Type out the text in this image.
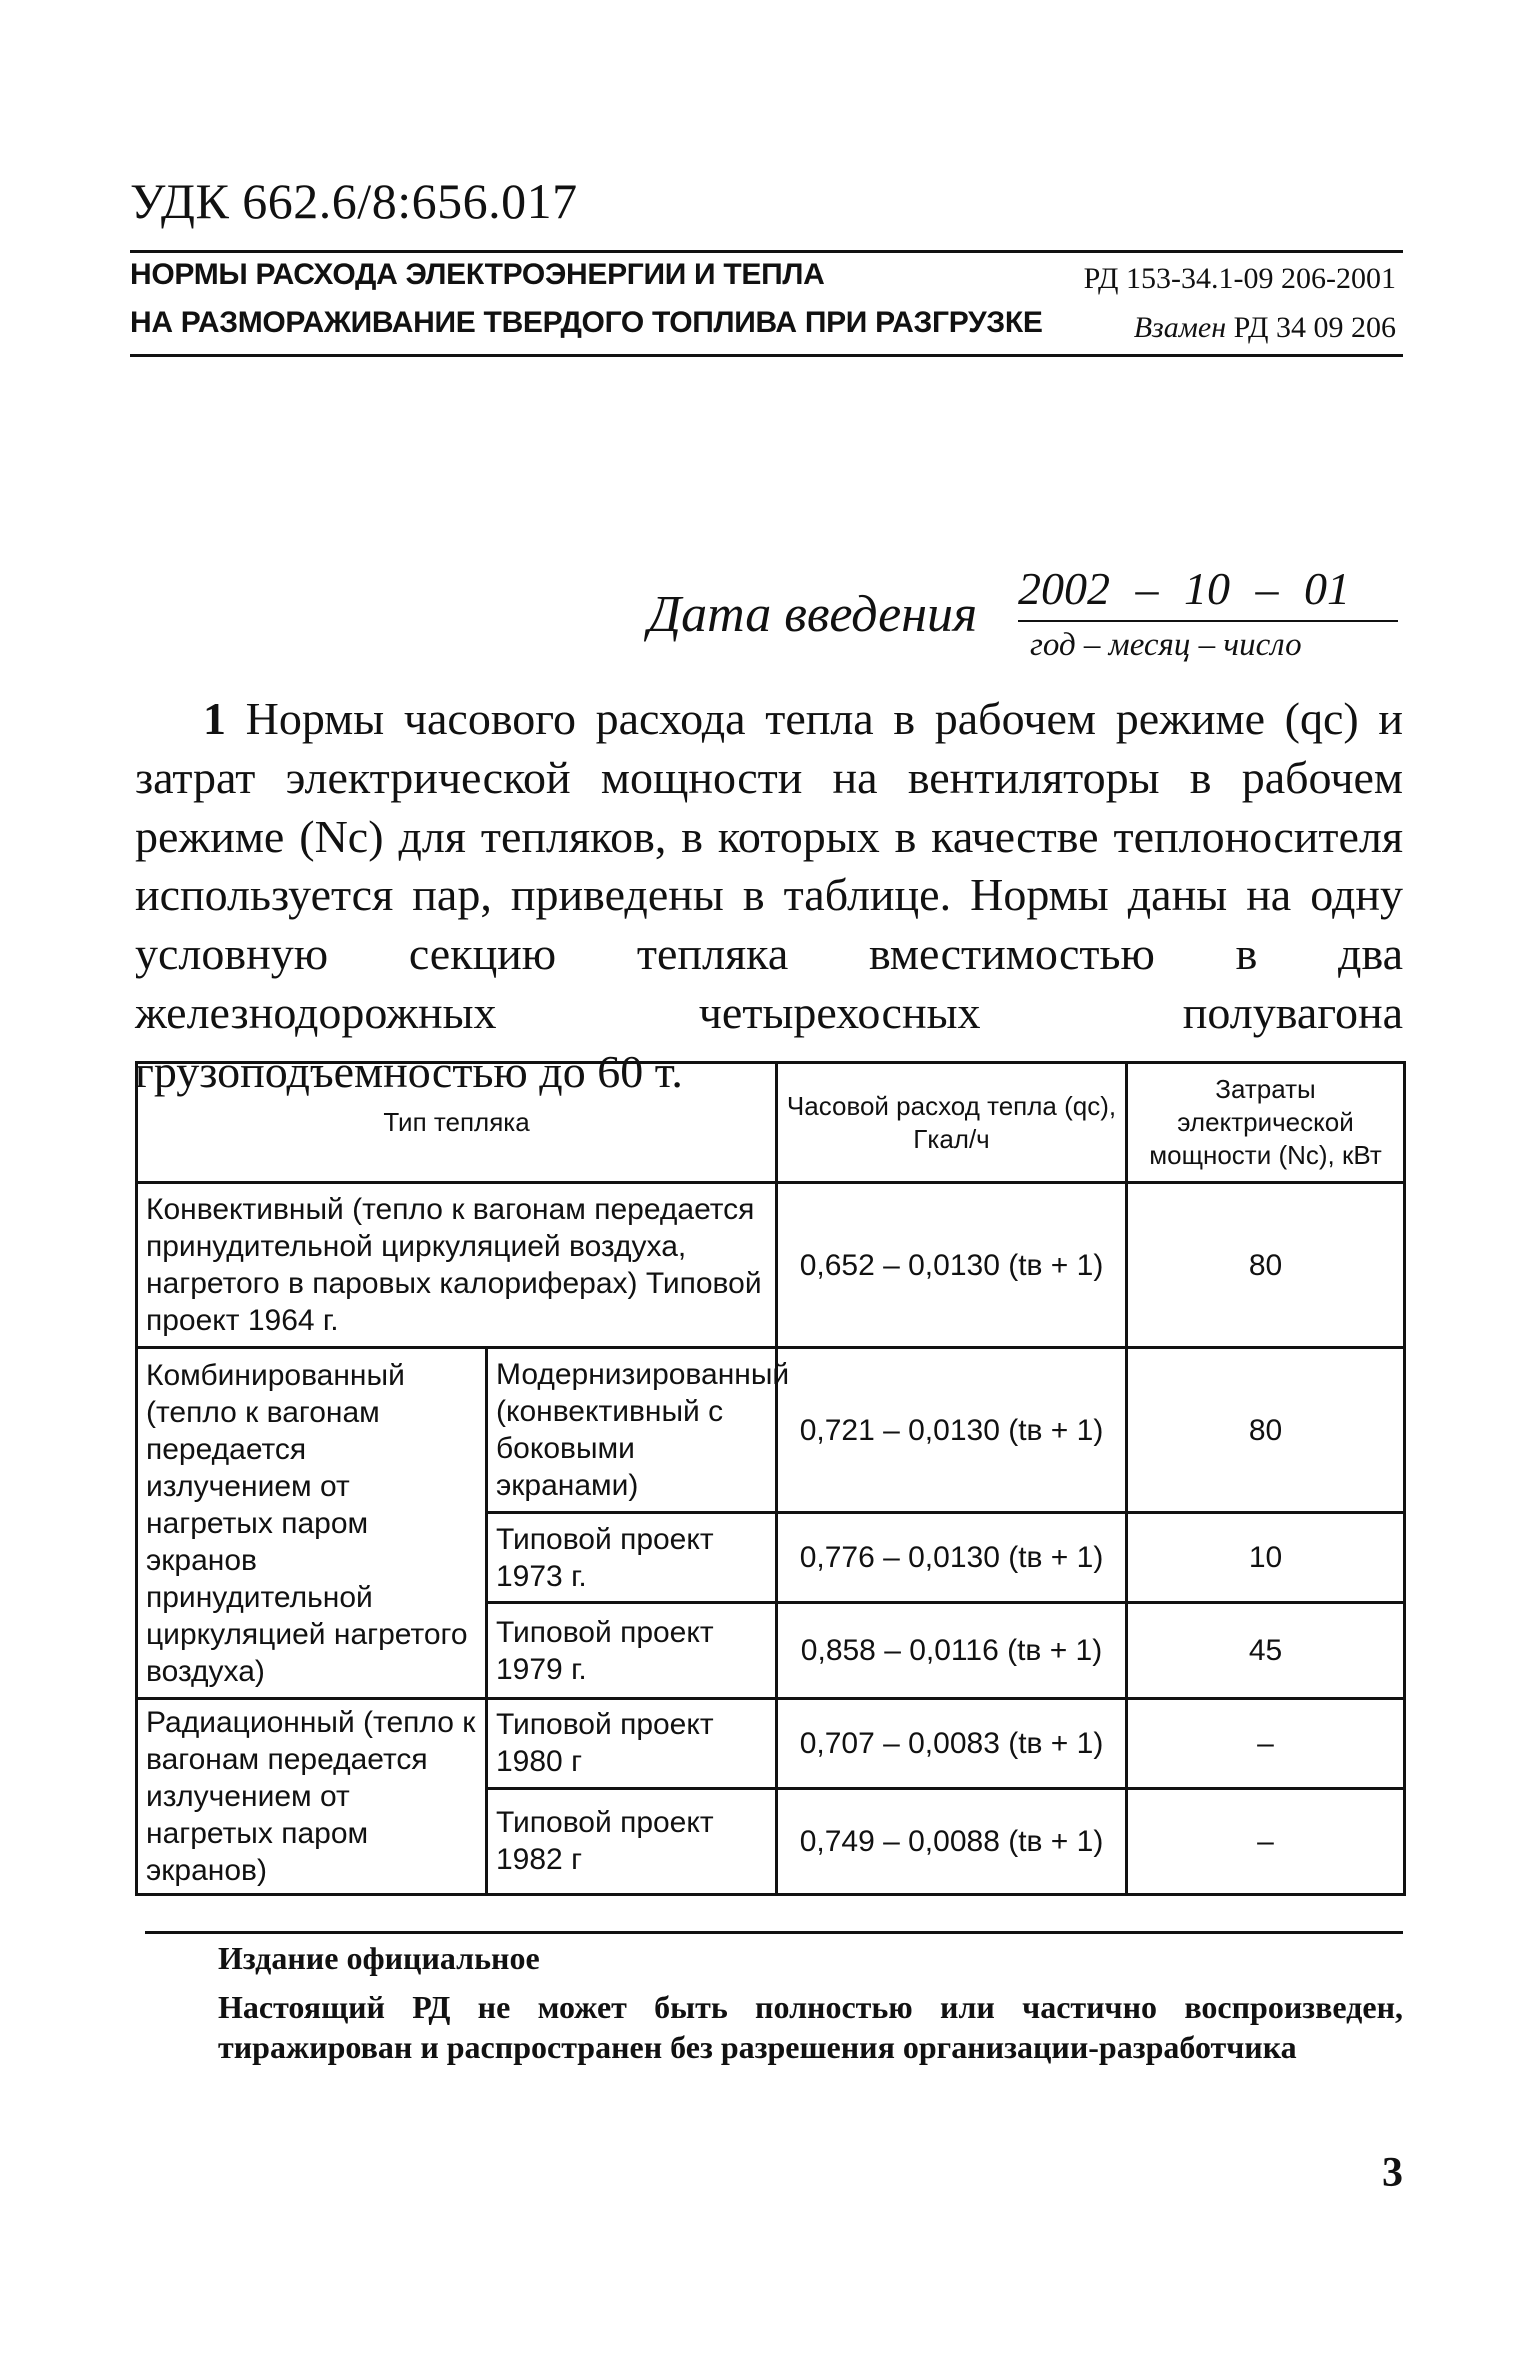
УДК 662.6/8:656.017
НОРМЫ РАСХОДА ЭЛЕКТРОЭНЕРГИИ И ТЕПЛА	РД 153-34.1-09 206-2001
НА РАЗМОРАЖИВАНИЕ ТВЕРДОГО ТОПЛИВА ПРИ РАЗГРУЗКЕ	Взамен РД 34 09 206
Дата введения 2002 – 10 – 01
год – месяц – число

1 Нормы часового расхода тепла в рабочем режиме (qc) и затрат электрической мощности на вентиляторы в рабочем режиме (Nc) для тепляков, в которых в качестве теплоносителя используется пар, приведены в таблице. Нормы даны на одну условную секцию тепляка вместимостью в два железнодорожных четырехосных полувагона грузоподъемностью до 60 т.

Тип тепляка		Часовой расход тепла (qc), Гкал/ч	Затраты электрической мощности (Nc), кВт
Конвективный (тепло к вагонам передается принудительной циркуляцией воздуха, нагретого в паровых калориферах) Типовой проект 1964 г.		0,652 – 0,0130 (tв + 1)	80
Комбинированный (тепло к вагонам передается излучением от нагретых паром экранов принудительной циркуляцией нагретого воздуха)	Модернизированный (конвективный с боковыми экранами)	0,721 – 0,0130 (tв + 1)	80
	Типовой проект 1973 г.	0,776 – 0,0130 (tв + 1)	10
	Типовой проект 1979 г.	0,858 – 0,0116 (tв + 1)	45
Радиационный (тепло к вагонам передается излучением от нагретых паром экранов)	Типовой проект 1980 г	0,707 – 0,0083 (tв + 1)	–
	Типовой проект 1982 г	0,749 – 0,0088 (tв + 1)	–
Издание официальное
Настоящий РД не может быть полностью или частично воспроизведен, тиражирован и распространен без разрешения организации-разработчика
3
